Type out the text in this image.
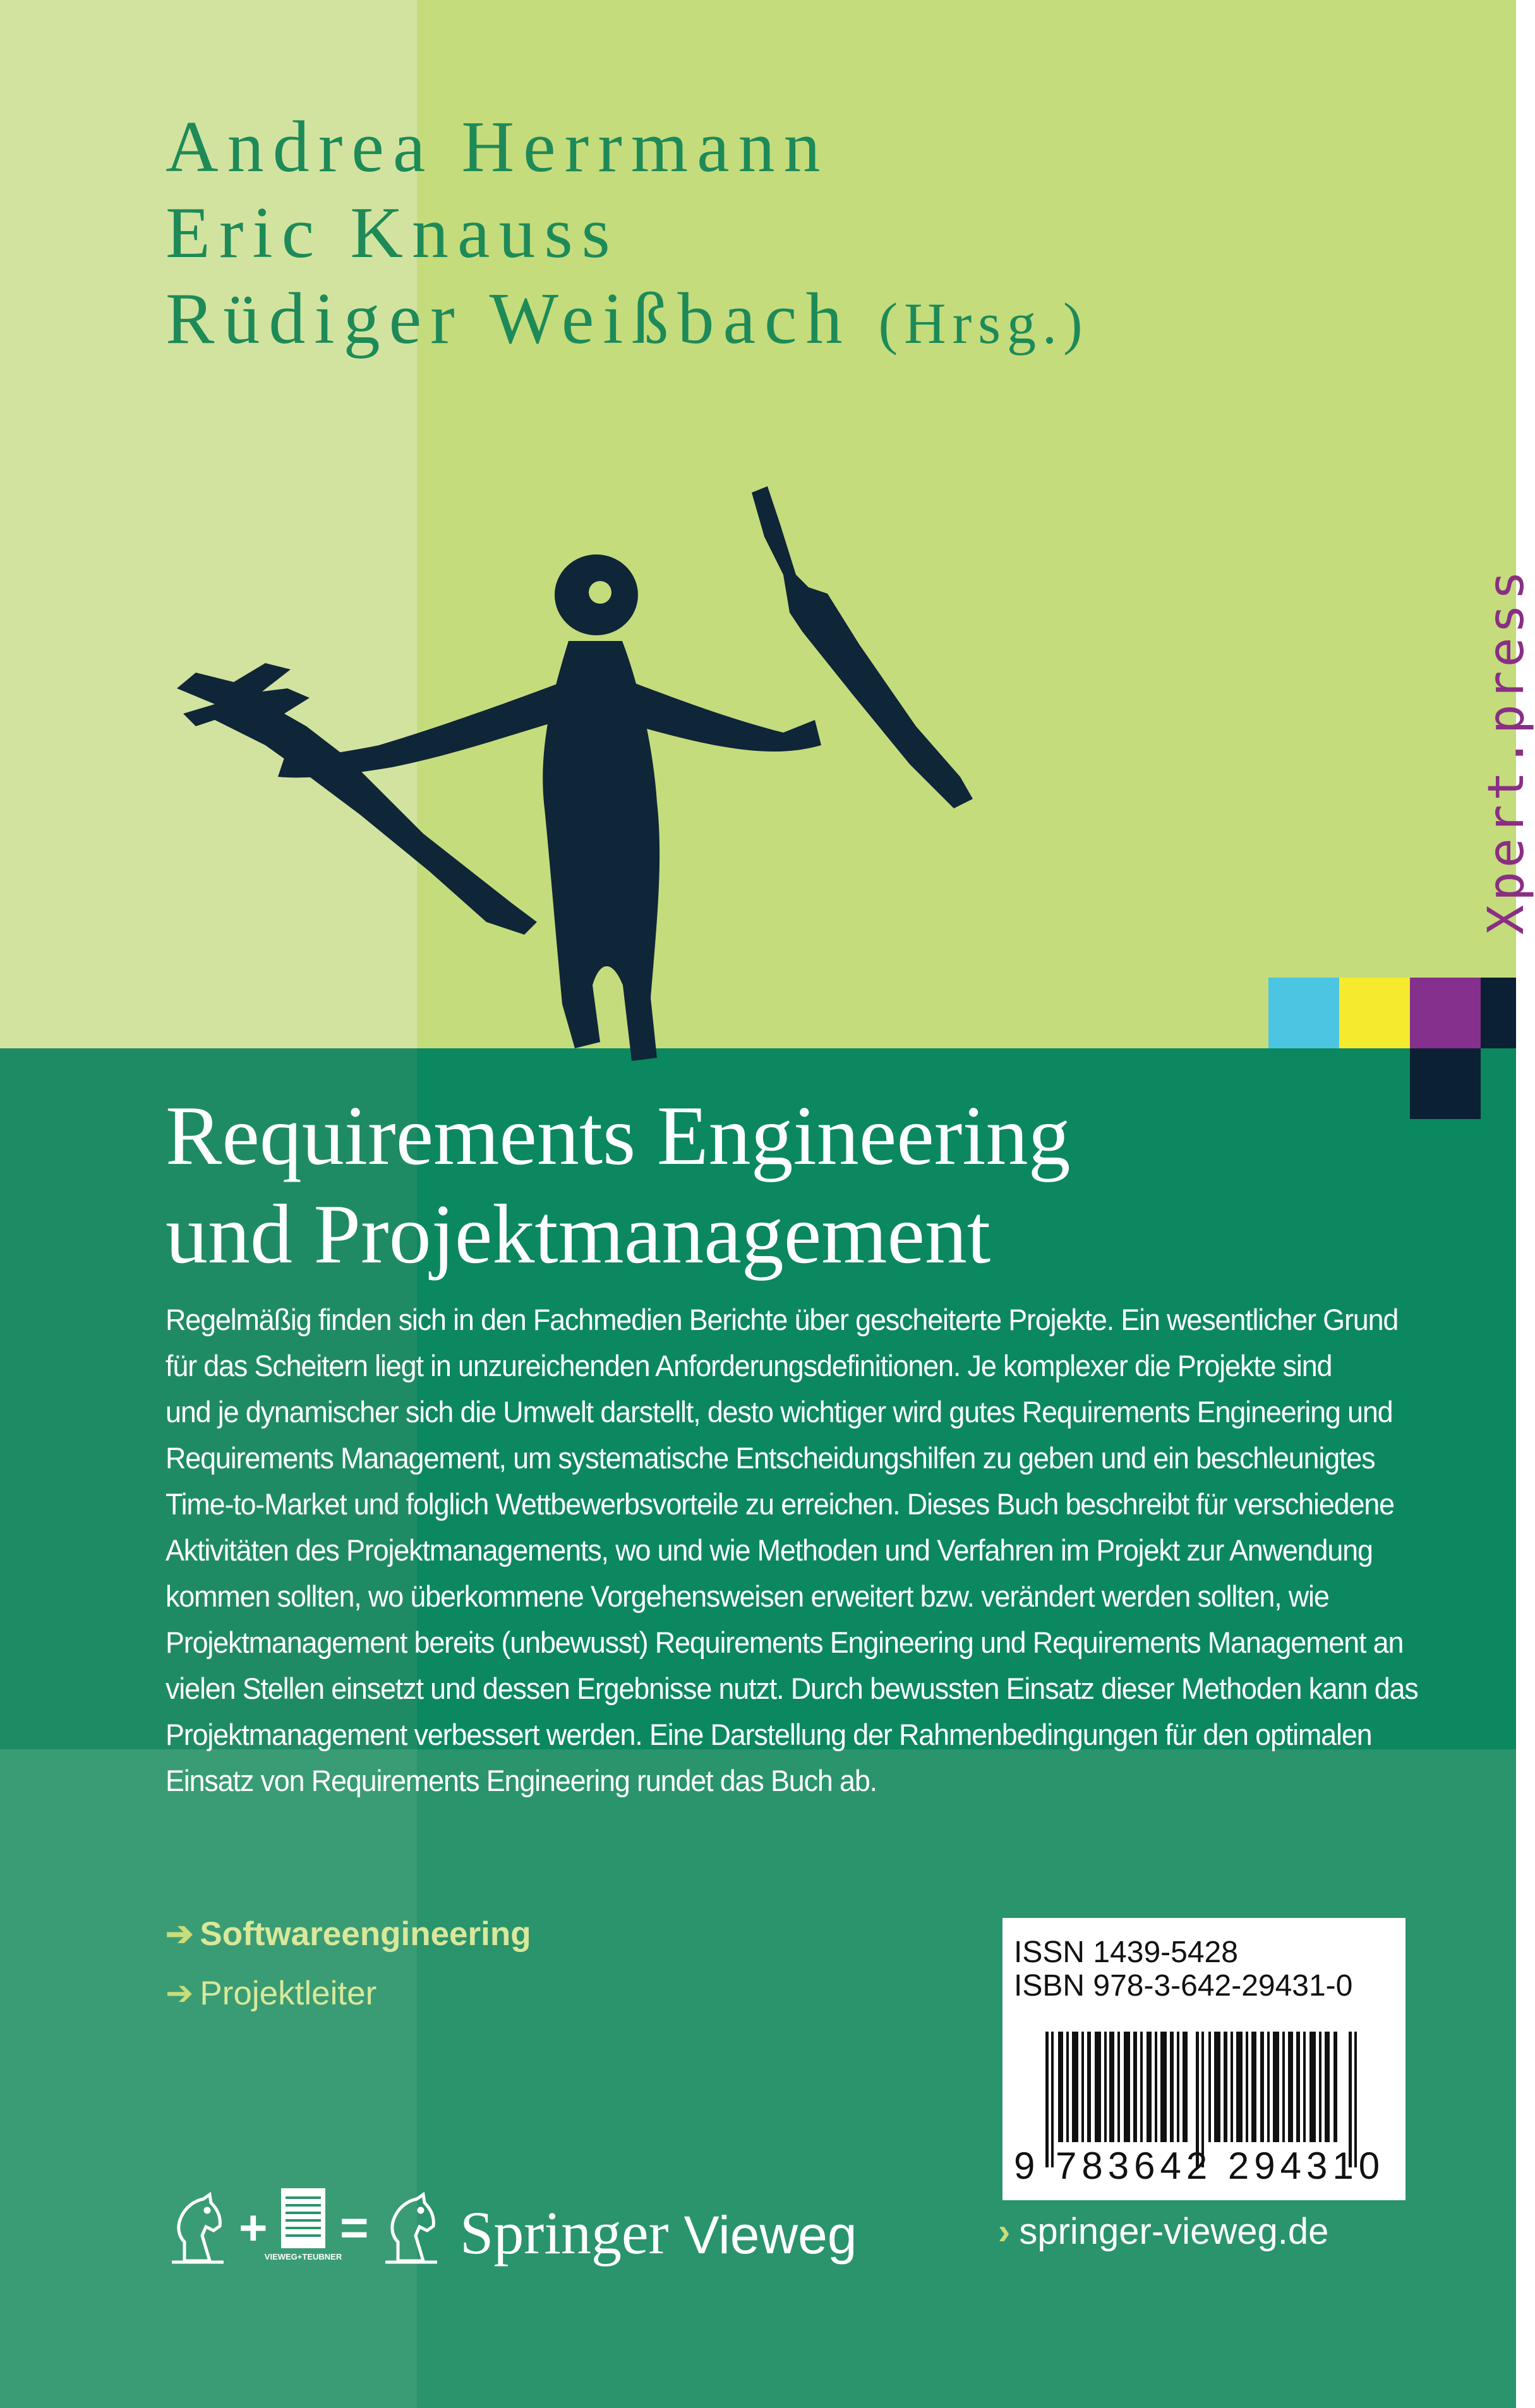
Andrea Herrmann
Eric Knauss
Rüdiger Weißbach (Hrsg.)
Xpert.press
Requirements Engineering
und Projektmanagement
Regelmäßig finden sich in den Fachmedien Berichte über gescheiterte Projekte. Ein wesentlicher Grund
für das Scheitern liegt in unzureichenden Anforderungsdefinitionen. Je komplexer die Projekte sind
und je dynamischer sich die Umwelt darstellt, desto wichtiger wird gutes Requirements Engineering und
Requirements Management, um systematische Entscheidungshilfen zu geben und ein beschleunigtes
Time-to-Market und folglich Wettbewerbsvorteile zu erreichen. Dieses Buch beschreibt für verschiedene
Aktivitäten des Projektmanagements, wo und wie Methoden und Verfahren im Projekt zur Anwendung
kommen sollten, wo überkommene Vorgehensweisen erweitert bzw. verändert werden sollten, wie
Projektmanagement bereits (unbewusst) Requirements Engineering und Requirements Management an
vielen Stellen einsetzt und dessen Ergebnisse nutzt. Durch bewussten Einsatz dieser Methoden kann das
Projektmanagement verbessert werden. Eine Darstellung der Rahmenbedingungen für den optimalen
Einsatz von Requirements Engineering rundet das Buch ab.
➔ Softwareengineering
➔ Projektleiter
ISSN 1439-5428
ISBN 978-3-642-29431-0
9 783642 294310
+
VIEWEG+TEUBNER
= Springer Vieweg	› springer-vieweg.de
